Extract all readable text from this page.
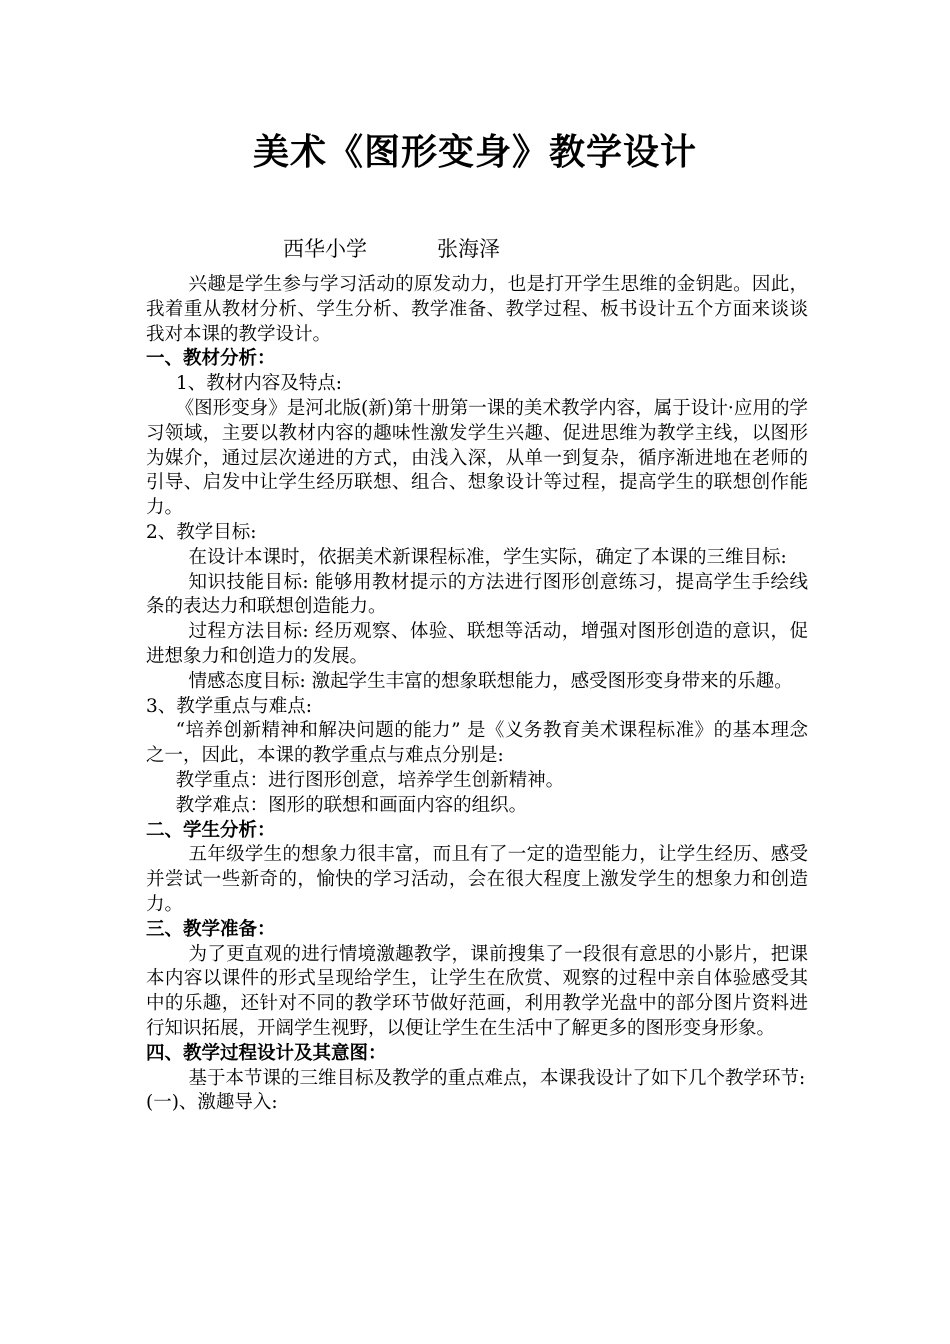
美术《图形变身》教学设计
西华小学	张海泽

兴趣是学生参与学习活动的原发动力，也是打开学生思维的金钥匙。因此，我着重从教材分析、学生分析、教学准备、教学过程、板书设计五个方面来谈谈我对本课的教学设计。

一、教材分析：

1、教材内容及特点:

《图形变身》是河北版(新)第十册第一课的美术教学内容，属于设计·应用的学习领域，主要以教材内容的趣味性激发学生兴趣、促进思维为教学主线，以图形为媒介，通过层次递进的方式，由浅入深，从单一到复杂，循序渐进地在老师的引导、启发中让学生经历联想、组合、想象设计等过程，提高学生的联想创作能力。

2、教学目标:

在设计本课时，依据美术新课程标准，学生实际，确定了本课的三维目标:

知识技能目标: 能够用教材提示的方法进行图形创意练习，提高学生手绘线条的表达力和联想创造能力。

过程方法目标: 经历观察、体验、联想等活动，增强对图形创造的意识，促进想象力和创造力的发展。

情感态度目标: 激起学生丰富的想象联想能力，感受图形变身带来的乐趣。

3、教学重点与难点:

“培养创新精神和解决问题的能力” 是《义务教育美术课程标准》的基本理念之一，因此，本课的教学重点与难点分别是:

教学重点：进行图形创意，培养学生创新精神。

教学难点：图形的联想和画面内容的组织。

二、学生分析：

五年级学生的想象力很丰富，而且有了一定的造型能力，让学生经历、感受并尝试一些新奇的，愉快的学习活动，会在很大程度上激发学生的想象力和创造力。

三、教学准备：

为了更直观的进行情境激趣教学，课前搜集了一段很有意思的小影片，把课本内容以课件的形式呈现给学生，让学生在欣赏、观察的过程中亲自体验感受其中的乐趣，还针对不同的教学环节做好范画，利用教学光盘中的部分图片资料进行知识拓展，开阔学生视野，以便让学生在生活中了解更多的图形变身形象。

四、教学过程设计及其意图：

基于本节课的三维目标及教学的重点难点，本课我设计了如下几个教学环节:

(一)、激趣导入:
